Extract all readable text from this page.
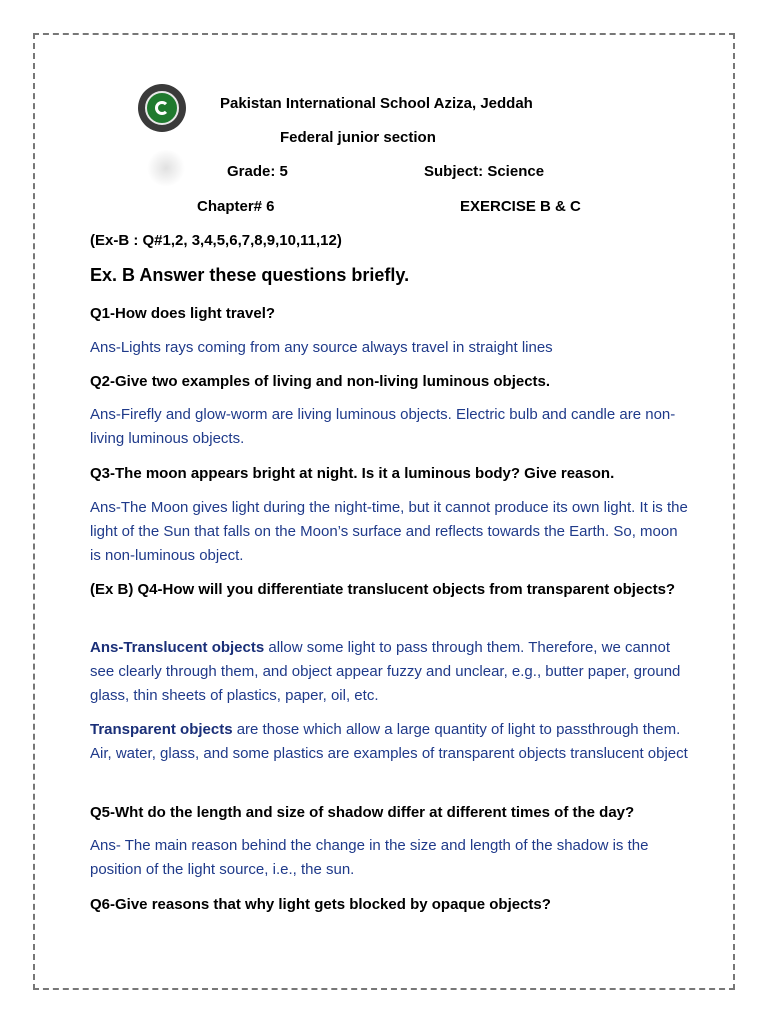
Pakistan International School Aziza, Jeddah
Federal junior section
Grade: 5	Subject: Science
Chapter# 6	EXERCISE B & C
(Ex-B : Q#1,2, 3,4,5,6,7,8,9,10,11,12)
Ex. B Answer these questions briefly.
Q1-How does light travel?
Ans-Lights rays coming from any source always travel in straight lines
Q2-Give two examples of living and non-living luminous objects.
Ans-Firefly and glow-worm are living luminous objects. Electric bulb and candle are non- living luminous objects.
Q3-The moon appears bright at night. Is it a luminous body? Give reason.
Ans-The Moon gives light during the night-time, but it cannot produce its own light. It is the light of the Sun that falls on the Moon’s surface and reflects towards the Earth. So, moon is non-luminous object.
(Ex B) Q4-How will you differentiate translucent objects from transparent objects?
Ans-Translucent objects allow some light to pass through them. Therefore, we cannot see clearly through them, and object appear fuzzy and unclear, e.g., butter paper, ground glass, thin sheets of plastics, paper, oil, etc.
Transparent objects are those which allow a large quantity of light to passthrough them. Air, water, glass, and some plastics are examples of transparent objects translucent object
Q5-Wht do the length and size of shadow differ at different times of the day?
Ans- The main reason behind the change in the size and length of the shadow is the position of the light source, i.e., the sun.
Q6-Give reasons that why light gets blocked by opaque objects?
